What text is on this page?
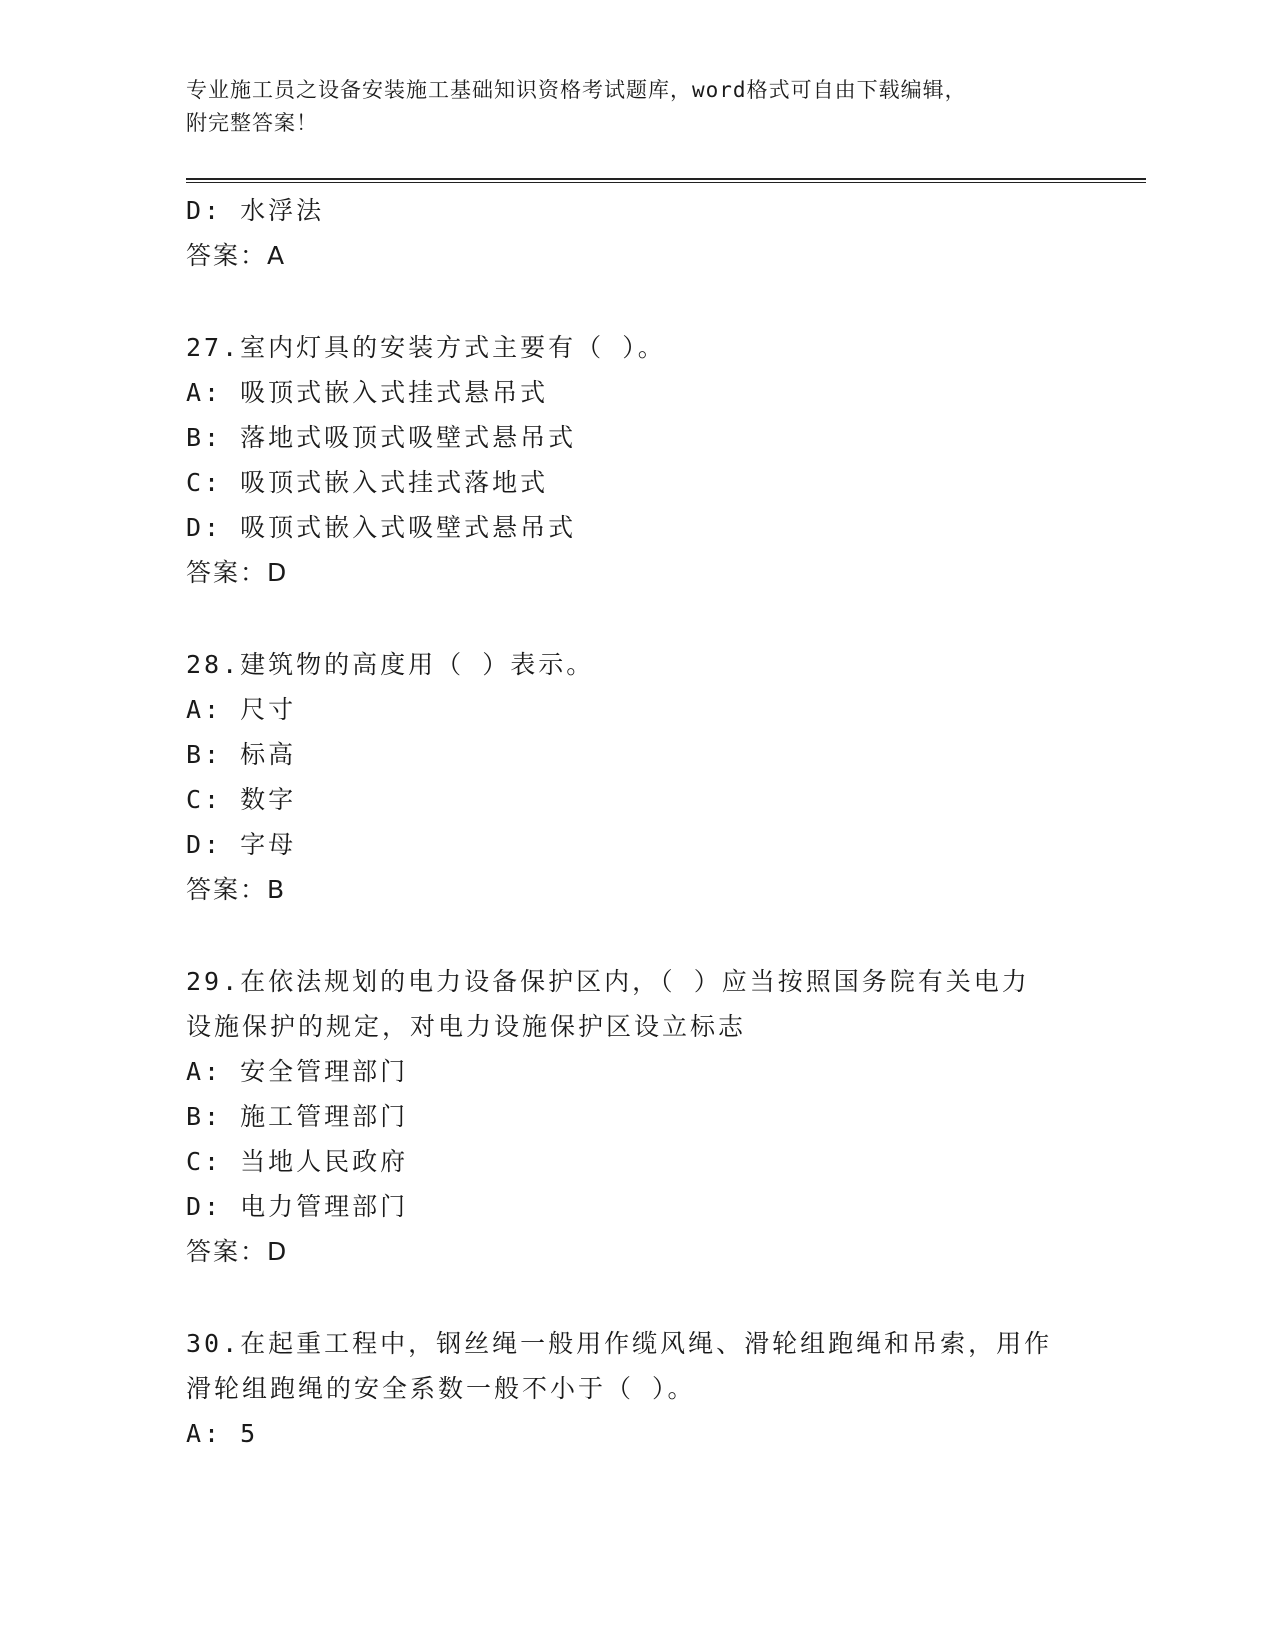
专业施工员之设备安装施工基础知识资格考试题库，word格式可自由下载编辑，
附完整答案！
D: 水浮法
答案：A
27.室内灯具的安装方式主要有（ ）。
A: 吸顶式嵌入式挂式悬吊式
B: 落地式吸顶式吸壁式悬吊式
C: 吸顶式嵌入式挂式落地式
D: 吸顶式嵌入式吸壁式悬吊式
答案：D
28.建筑物的高度用（ ）表示。
A: 尺寸
B: 标高
C: 数字
D: 字母
答案：B
29.在依法规划的电力设备保护区内，（ ）应当按照国务院有关电力
设施保护的规定，对电力设施保护区设立标志
A: 安全管理部门
B: 施工管理部门
C: 当地人民政府
D: 电力管理部门
答案：D
30.在起重工程中，钢丝绳一般用作缆风绳、滑轮组跑绳和吊索，用作
滑轮组跑绳的安全系数一般不小于（ ）。
A: 5
